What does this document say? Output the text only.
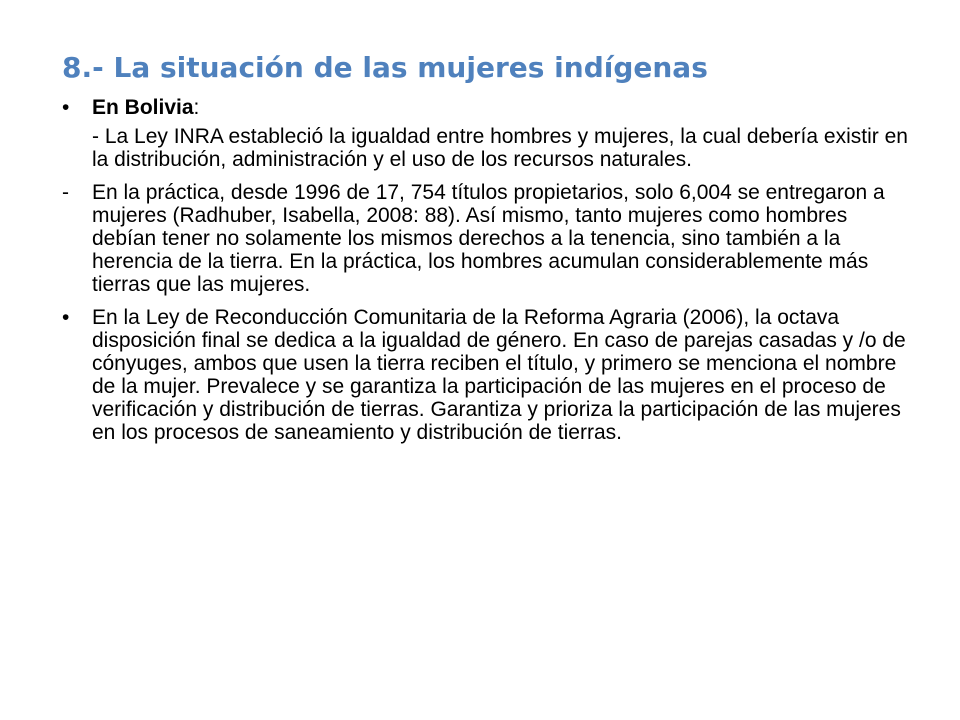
8.- La situación de las mujeres indígenas

• En Bolivia:

- La Ley INRA estableció la igualdad entre hombres y mujeres, la cual debería existir en la distribución, administración y el uso de los recursos naturales.

- En la práctica, desde 1996 de 17, 754 títulos propietarios, solo 6,004 se entregaron a mujeres (Radhuber, Isabella, 2008: 88). Así mismo, tanto mujeres como hombres debían tener no solamente los mismos derechos a la tenencia, sino también a la herencia de la tierra. En la práctica, los hombres acumulan considerablemente más tierras que las mujeres.

• En la Ley de Reconducción Comunitaria de la Reforma Agraria (2006), la octava disposición final se dedica a la igualdad de género. En caso de parejas casadas y /o de cónyuges, ambos que usen la tierra reciben el título, y primero se menciona el nombre de la mujer. Prevalece y se garantiza la participación de las mujeres en el proceso de verificación y distribución de tierras. Garantiza y prioriza la participación de las mujeres en los procesos de saneamiento y distribución de tierras.
